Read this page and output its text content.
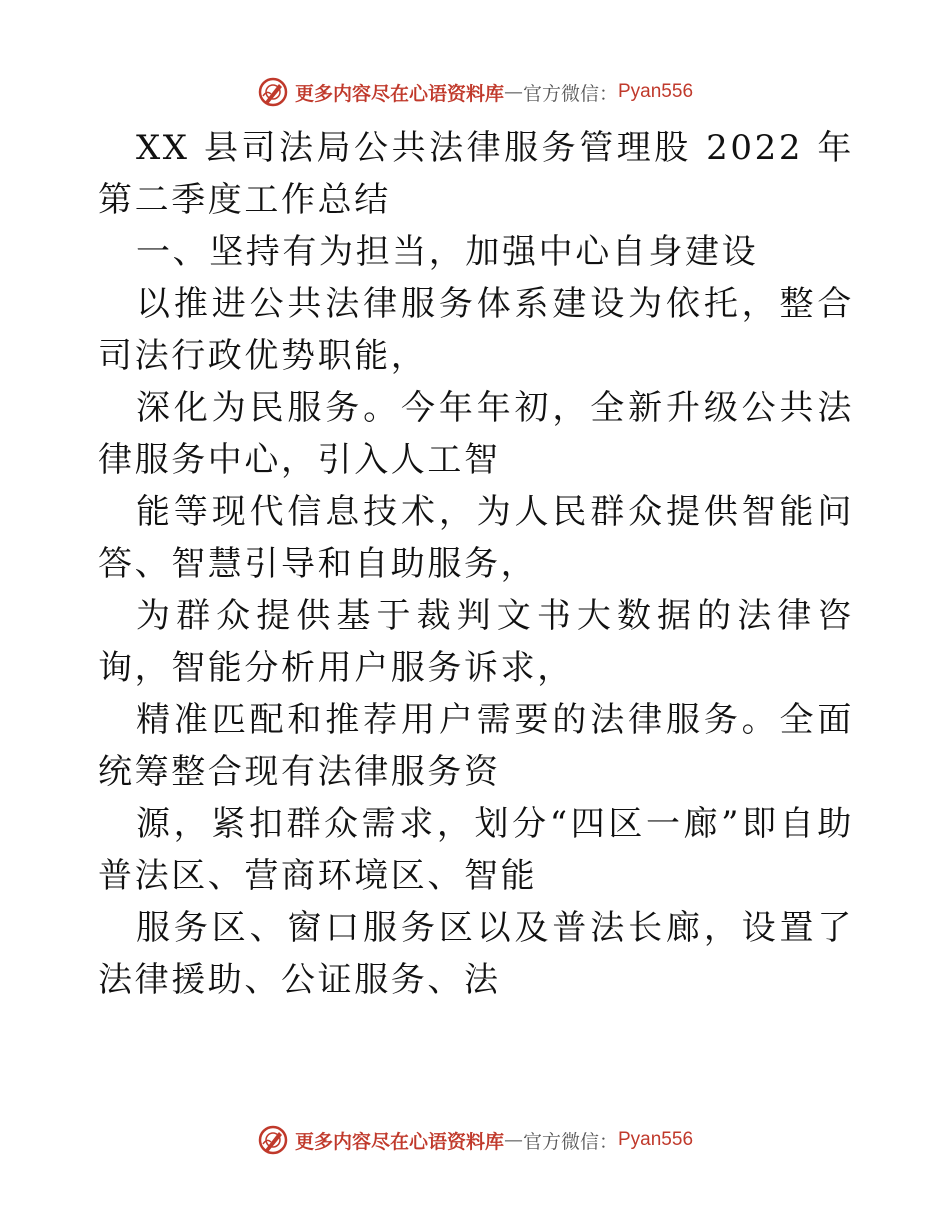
更多内容尽在心语资料库 — 官方微信： Pyan556

XX 县司法局公共法律服务管理股 2022 年第二季度工作总结

一、坚持有为担当，加强中心自身建设

以推进公共法律服务体系建设为依托，整合司法行政优势职能，

深化为民服务。今年年初，全新升级公共法律服务中心，引入人工智

能等现代信息技术，为人民群众提供智能问答、智慧引导和自助服务，

为群众提供基于裁判文书大数据的法律咨询，智能分析用户服务诉求，

精准匹配和推荐用户需要的法律服务。全面统筹整合现有法律服务资

源，紧扣群众需求，划分“四区一廊”即自助普法区、营商环境区、智能

服务区、窗口服务区以及普法长廊，设置了法律援助、公证服务、法

更多内容尽在心语资料库 — 官方微信： Pyan556
